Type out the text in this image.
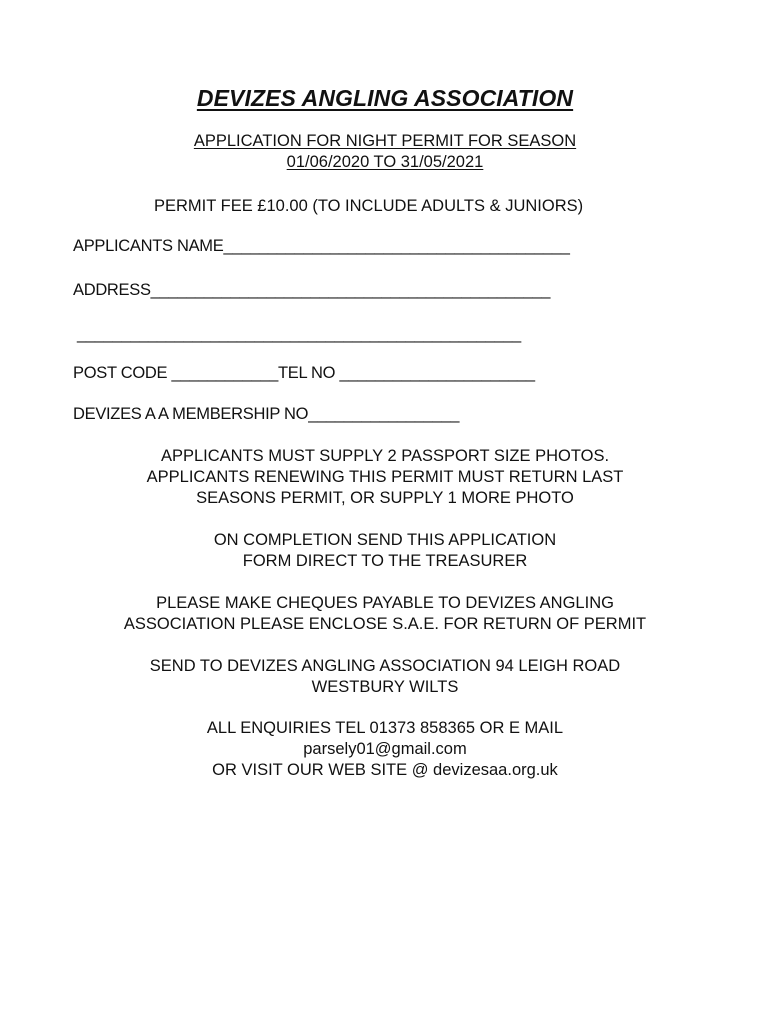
DEVIZES ANGLING ASSOCIATION
APPLICATION FOR NIGHT PERMIT FOR SEASON
01/06/2020 TO 31/05/2021
PERMIT FEE £10.00 (TO INCLUDE ADULTS & JUNIORS)
APPLICANTS NAME_______________________________________
ADDRESS_____________________________________________
__________________________________________________
POST CODE ____________TEL NO ______________________
DEVIZES A A MEMBERSHIP NO_________________
APPLICANTS MUST SUPPLY 2 PASSPORT SIZE PHOTOS.
APPLICANTS RENEWING THIS PERMIT MUST RETURN LAST
SEASONS PERMIT, OR SUPPLY 1 MORE PHOTO
ON COMPLETION SEND THIS APPLICATION
FORM DIRECT TO THE TREASURER
PLEASE MAKE CHEQUES PAYABLE TO DEVIZES ANGLING
ASSOCIATION PLEASE ENCLOSE S.A.E. FOR RETURN OF PERMIT
SEND TO DEVIZES ANGLING ASSOCIATION 94 LEIGH ROAD
WESTBURY WILTS
ALL ENQUIRIES TEL 01373 858365 OR E MAIL
parsely01@gmail.com
OR VISIT OUR WEB SITE @ devizesaa.org.uk
